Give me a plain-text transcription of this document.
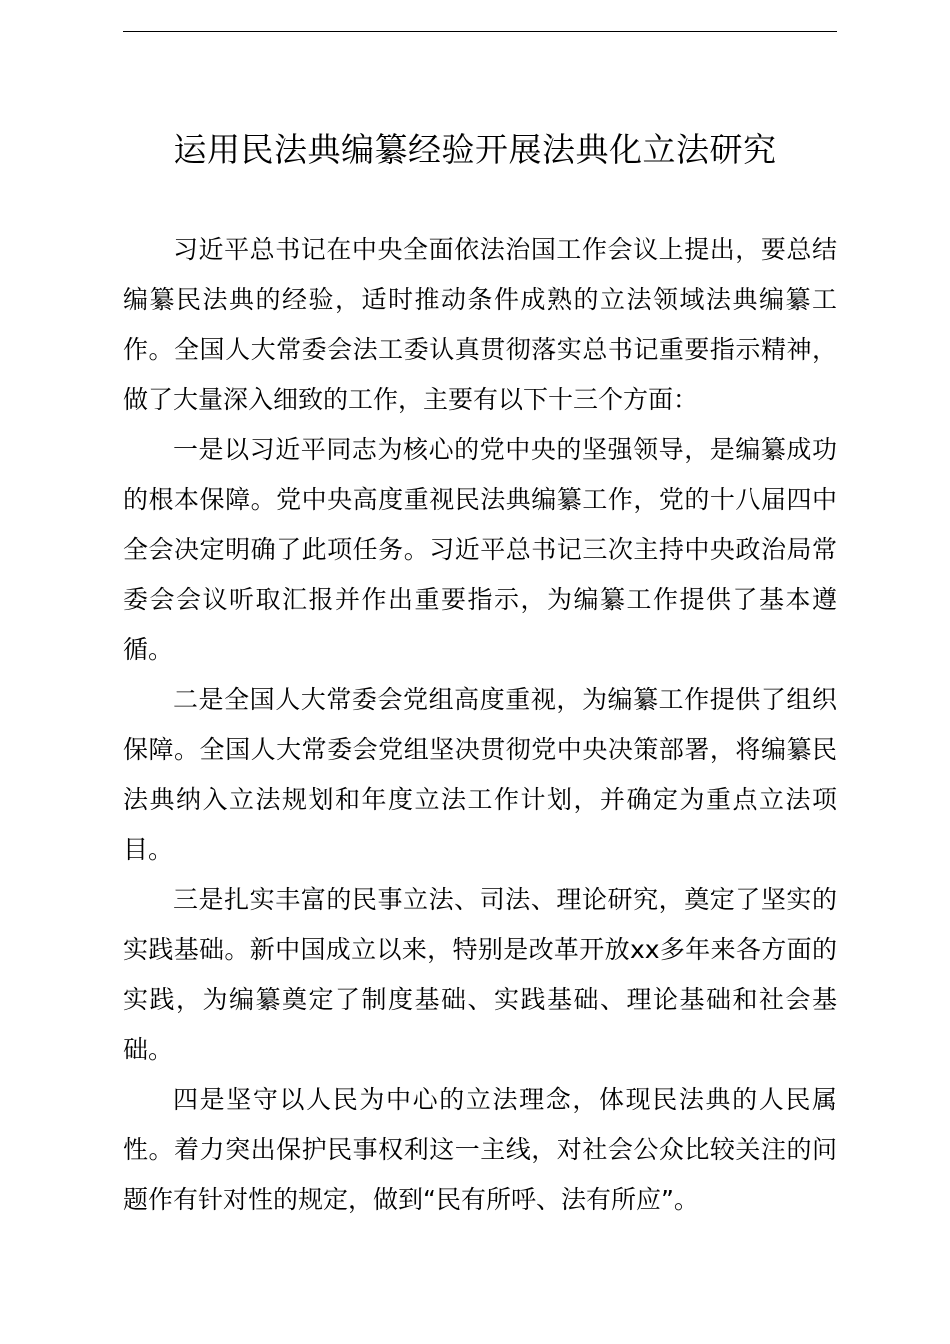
运用民法典编纂经验开展法典化立法研究

习近平总书记在中央全面依法治国工作会议上提出，要总结编纂民法典的经验，适时推动条件成熟的立法领域法典编纂工作。全国人大常委会法工委认真贯彻落实总书记重要指示精神，做了大量深入细致的工作，主要有以下十三个方面：

一是以习近平同志为核心的党中央的坚强领导，是编纂成功的根本保障。党中央高度重视民法典编纂工作，党的十八届四中全会决定明确了此项任务。习近平总书记三次主持中央政治局常委会会议听取汇报并作出重要指示，为编纂工作提供了基本遵循。

二是全国人大常委会党组高度重视，为编纂工作提供了组织保障。全国人大常委会党组坚决贯彻党中央决策部署，将编纂民法典纳入立法规划和年度立法工作计划，并确定为重点立法项目。

三是扎实丰富的民事立法、司法、理论研究，奠定了坚实的实践基础。新中国成立以来，特别是改革开放xx多年来各方面的实践，为编纂奠定了制度基础、实践基础、理论基础和社会基础。

四是坚守以人民为中心的立法理念，体现民法典的人民属性。着力突出保护民事权利这一主线，对社会公众比较关注的问题作有针对性的规定，做到“民有所呼、法有所应”。
